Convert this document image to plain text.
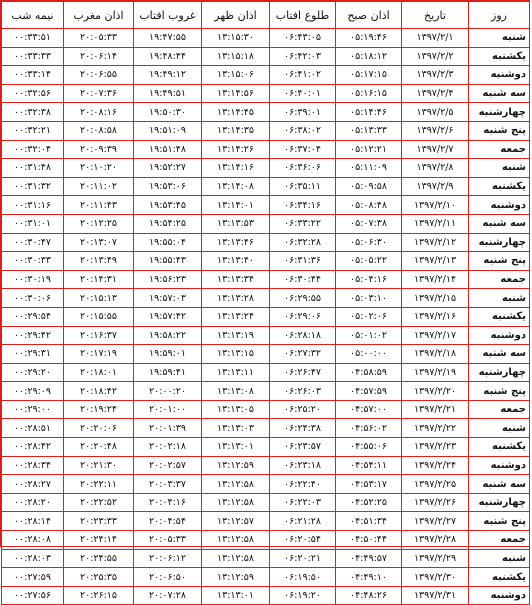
روز	تاریخ	اذان صبح	طلوع افتاب	اذان ظهر	غروب افتاب	اذان مغرب	نیمه شب
شنبه	۱۳۹۷/۲/۱	۰۵:۱۹:۴۶	۰۶:۴۳:۰۵	۱۳:۱۵:۳۰	۱۹:۴۷:۵۵	۲۰:۰۵:۳۳	۰۰:۳۳:۵۱
یکشنبه	۱۳۹۷/۲/۲	۰۵:۱۸:۱۲	۰۶:۴۲:۰۳	۱۳:۱۵:۱۸	۱۹:۴۸:۴۴	۲۰:۰۶:۱۴	۰۰:۳۳:۳۳
دوشنبه	۱۳۹۷/۲/۳	۰۵:۱۷:۱۵	۰۶:۴۱:۰۲	۱۳:۱۵:۰۶	۱۹:۴۹:۱۲	۲۰:۰۶:۵۵	۰۰:۳۳:۱۴
سه شنبه	۱۳۹۷/۲/۴	۰۵:۱۶:۱۵	۰۶:۴۰:۰۱	۱۳:۱۴:۵۶	۱۹:۴۹:۵۱	۲۰:۰۷:۳۶	۰۰:۳۲:۵۶
چهارشنبه	۱۳۹۷/۲/۵	۰۵:۱۴:۴۶	۰۶:۳۹:۰۱	۱۳:۱۴:۴۵	۱۹:۵۰:۳۰	۲۰:۰۸:۱۶	۰۰:۳۲:۳۸
پنج شنبه	۱۳۹۷/۲/۶	۰۵:۱۳:۳۳	۰۶:۳۸:۰۲	۱۳:۱۴:۳۵	۱۹:۵۱:۰۹	۲۰:۰۸:۵۸	۰۰:۳۲:۲۱
جمعه	۱۳۹۷/۲/۷	۰۵:۱۲:۲۱	۰۶:۳۷:۰۴	۱۳:۱۴:۲۶	۱۹:۵۱:۴۸	۲۰:۰۹:۳۹	۰۰:۳۲:۰۴
شنبه	۱۳۹۷/۲/۸	۰۵:۱۱:۰۹	۰۶:۳۶:۰۶	۱۳:۱۴:۱۶	۱۹:۵۲:۲۷	۲۰:۱۰:۲۰	۰۰:۳۱:۴۸
یکشنبه	۱۳۹۷/۲/۹	۰۵:۰۹:۵۸	۰۶:۳۵:۱۱	۱۳:۱۴:۰۸	۱۹:۵۳:۰۶	۲۰:۱۱:۰۲	۰۰:۳۱:۳۲
دوشنبه	۱۳۹۷/۲/۱۰	۰۵:۰۸:۴۸	۰۶:۳۴:۱۶	۱۳:۱۴:۰۱	۱۹:۵۳:۴۵	۲۰:۱۱:۴۳	۰۰:۳۱:۱۶
سه شنبه	۱۳۹۷/۲/۱۱	۰۵:۰۷:۳۸	۰۶:۳۳:۲۲	۱۳:۱۳:۵۳	۱۹:۵۴:۲۵	۲۰:۱۲:۲۵	۰۰:۳۱:۰۱
چهارشنبه	۱۳۹۷/۲/۱۲	۰۵:۰۶:۳۰	۰۶:۳۲:۲۸	۱۳:۱۳:۴۶	۱۹:۵۵:۰۴	۲۰:۱۳:۰۷	۰۰:۳۰:۴۷
پنج شنبه	۱۳۹۷/۲/۱۳	۰۵:۰۵:۲۲	۰۶:۳۱:۳۶	۱۳:۱۳:۴۰	۱۹:۵۵:۴۳	۲۰:۱۳:۴۹	۰۰:۳۰:۳۳
جمعه	۱۳۹۷/۲/۱۴	۰۵:۰۴:۱۶	۰۶:۳۰:۴۴	۱۳:۱۳:۳۴	۱۹:۵۶:۲۳	۲۰:۱۴:۳۱	۰۰:۳۰:۱۹
شنبه	۱۳۹۷/۲/۱۵	۰۵:۰۳:۱۰	۰۶:۲۹:۵۵	۱۳:۱۳:۲۸	۱۹:۵۷:۰۳	۲۰:۱۵:۱۳	۰۰:۳۰:۰۶
یکشنبه	۱۳۹۷/۲/۱۶	۰۵:۰۲:۰۶	۰۶:۲۹:۰۶	۱۳:۱۳:۲۴	۱۹:۵۷:۴۲	۲۰:۱۵:۵۵	۰۰:۲۹:۵۴
دوشنبه	۱۳۹۷/۲/۱۷	۰۵:۰۱:۰۲	۰۶:۲۸:۱۸	۱۳:۱۳:۱۹	۱۹:۵۸:۲۲	۲۰:۱۶:۳۷	۰۰:۲۹:۴۲
سه شنبه	۱۳۹۷/۲/۱۸	۰۵:۰۰:۰۰	۰۶:۲۷:۳۲	۱۳:۱۳:۱۵	۱۹:۵۹:۰۱	۲۰:۱۷:۱۹	۰۰:۲۹:۳۱
چهارشنبه	۱۳۹۷/۲/۱۹	۰۴:۵۸:۵۹	۰۶:۲۶:۴۷	۱۳:۱۳:۱۱	۱۹:۵۹:۴۱	۲۰:۱۸:۰۱	۰۰:۲۹:۲۰
پنج شنبه	۱۳۹۷/۲/۲۰	۰۴:۵۷:۵۹	۰۶:۲۶:۰۳	۱۳:۱۳:۰۸	۲۰:۰۰:۲۰	۲۰:۱۸:۴۲	۰۰:۲۹:۰۹
جمعه	۱۳۹۷/۲/۲۱	۰۴:۵۷:۰۰	۰۶:۲۵:۲۰	۱۳:۱۳:۰۵	۲۰:۰۱:۰۰	۲۰:۱۹:۲۴	۰۰:۲۹:۰۰
شنبه	۱۳۹۷/۲/۲۲	۰۴:۵۶:۰۲	۰۶:۲۴:۳۸	۱۳:۱۳:۰۳	۲۰:۰۱:۳۹	۲۰:۲۰:۰۶	۰۰:۲۸:۵۱
یکشنبه	۱۳۹۷/۲/۲۳	۰۴:۵۵:۰۶	۰۶:۲۳:۵۷	۱۳:۱۳:۰۱	۲۰:۰۲:۱۸	۲۰:۲۰:۴۸	۰۰:۲۸:۴۲
دوشنبه	۱۳۹۷/۲/۲۴	۰۴:۵۴:۱۱	۰۶:۲۳:۱۸	۱۳:۱۲:۵۹	۲۰:۰۲:۵۷	۲۰:۲۱:۳۰	۰۰:۲۸:۳۴
سه شنبه	۱۳۹۷/۲/۲۵	۰۴:۵۳:۱۷	۰۶:۲۲:۴۰	۱۳:۱۲:۵۸	۲۰:۰۳:۳۷	۲۰:۲۲:۱۱	۰۰:۲۸:۲۷
چهارشنبه	۱۳۹۷/۲/۲۶	۰۴:۵۲:۲۵	۰۶:۲۲:۰۳	۱۳:۱۲:۵۸	۲۰:۰۴:۱۶	۲۰:۲۲:۵۲	۰۰:۲۸:۲۰
پنج شنبه	۱۳۹۷/۲/۲۷	۰۴:۵۱:۳۴	۰۶:۲۱:۲۸	۱۳:۱۲:۵۷	۲۰:۰۴:۵۴	۲۰:۲۳:۳۳	۰۰:۲۸:۱۴
جمعه	۱۳۹۷/۲/۲۸	۰۴:۵۰:۴۴	۰۶:۲۰:۵۴	۱۳:۱۲:۵۸	۲۰:۰۵:۳۳	۲۰:۲۴:۱۴	۰۰:۲۸:۰۸
شنبه	۱۳۹۷/۲/۲۹	۰۴:۴۹:۵۷	۰۶:۲۰:۲۱	۱۳:۱۲:۵۸	۲۰:۰۶:۱۲	۲۰:۲۴:۵۵	۰۰:۲۸:۰۳
یکشنبه	۱۳۹۷/۲/۳۰	۰۴:۴۹:۱۰	۰۶:۱۹:۵۰	۱۳:۱۲:۵۹	۲۰:۰۶:۵۰	۲۰:۲۵:۳۵	۰۰:۲۷:۵۹
دوشنبه	۱۳۹۷/۲/۳۱	۰۴:۴۸:۲۶	۰۶:۱۹:۲۰	۱۳:۱۳:۰۱	۲۰:۰۷:۲۸	۲۰:۲۶:۱۵	۰۰:۲۷:۵۶
